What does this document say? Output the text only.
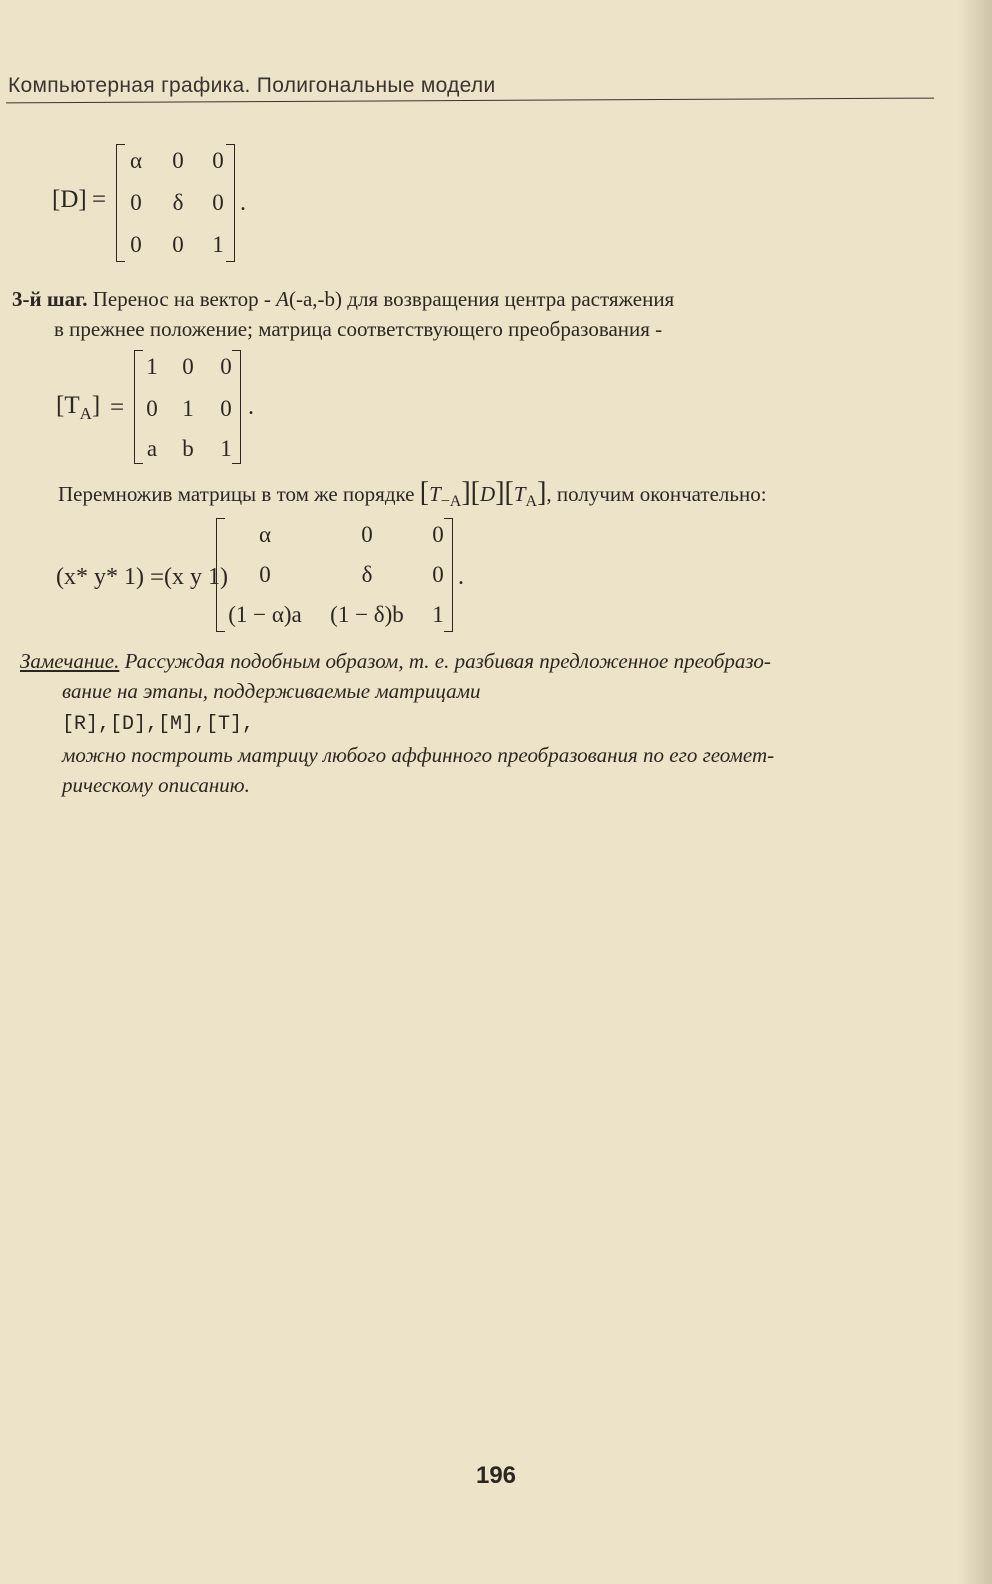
Компьютерная графика. Полигональные модели
[D] =
α	0	0
0	δ	0
0	0	1
.
3-й шаг. Перенос на вектор - A(-a,-b) для возвращения центра растяжения
в прежнее положение; матрица соответствующего преобразования -
$[T_A]$ =
1	0	0
0	1	0
a	b	1
.
Перемножив матрицы в том же порядке $[T_{-A}][D][T_A]$, получим окончательно:
(x* y* 1) = (x y 1)
α	0	0
0	δ	0
(1 − α)a	(1 − δ)b	1
.
Замечание. Рассуждая подобным образом, т. е. разбивая предложенное преобразо-
вание на этапы, поддерживаемые матрицами
[R],[D],[M],[T],
можно построить матрицу любого аффинного преобразования по его геомет-
рическому описанию.
196
